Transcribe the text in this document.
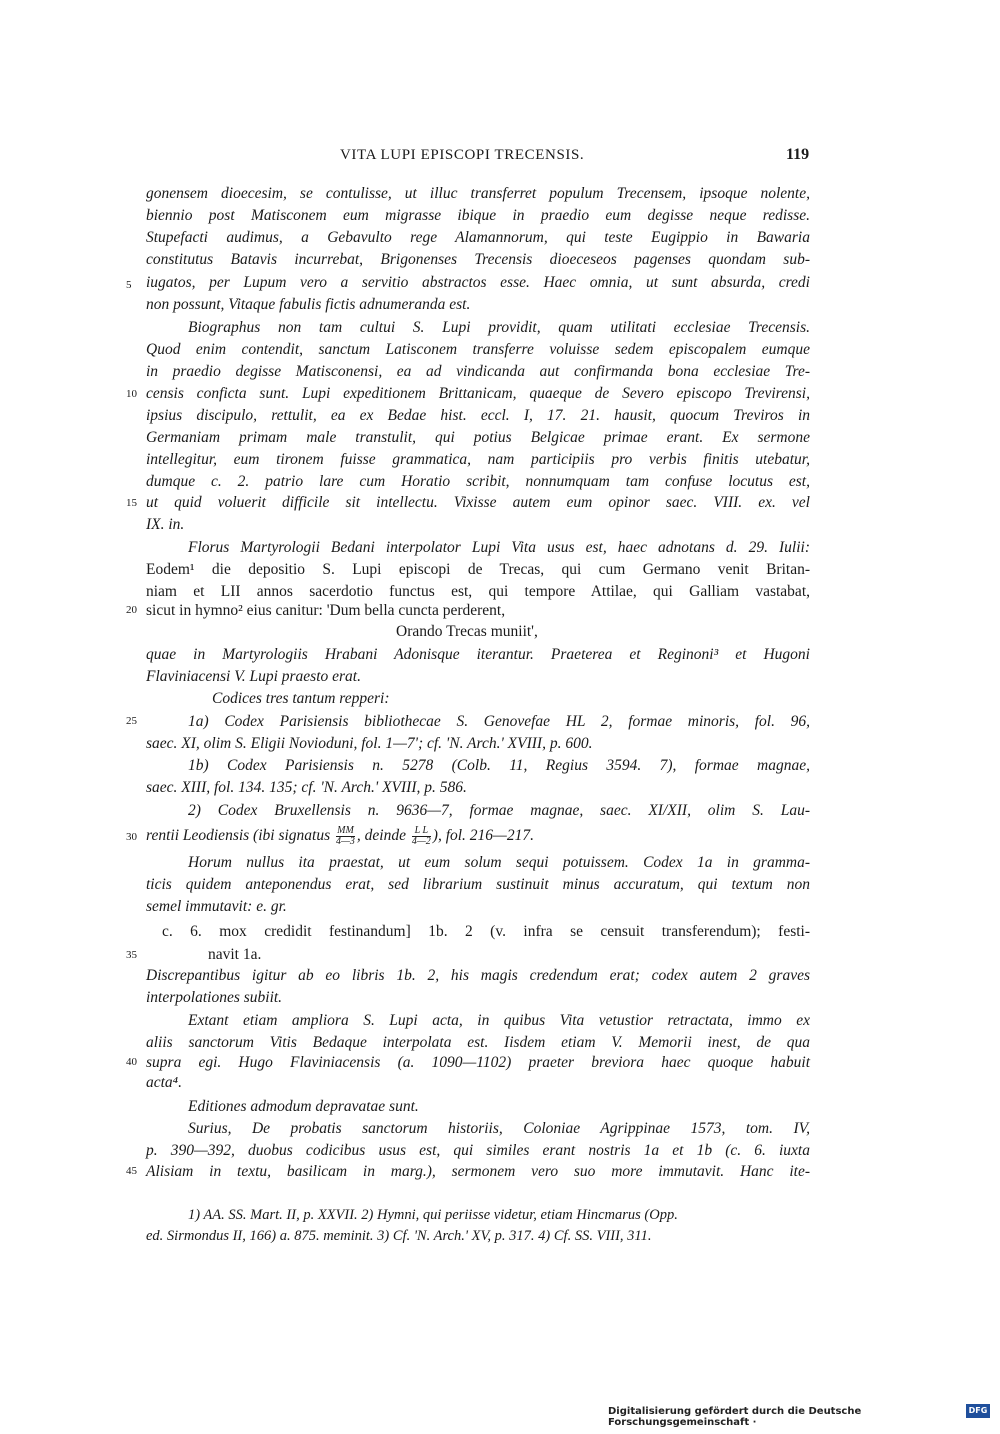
VITA LUPI EPISCOPI TRECENSIS.	119
5
10
15
20
25
30
35
40
45
gonensem dioecesim, se contulisse, ut illuc transferret populum Trecensem, ipsoque nolente,
biennio post Matisconem eum migrasse ibique in praedio eum degisse neque redisse.
Stupefacti audimus, a Gebavulto rege Alamannorum, qui teste Eugippio in Bawaria
constitutus Batavis incurrebat, Brigonenses Trecensis dioeceseos pagenses quondam sub-
iugatos, per Lupum vero a servitio abstractos esse. Haec omnia, ut sunt absurda, credi
non possunt, Vitaque fabulis fictis adnumeranda est.
Biographus non tam cultui S. Lupi providit, quam utilitati ecclesiae Trecensis.
Quod enim contendit, sanctum Latisconem transferre voluisse sedem episcopalem eumque
in praedio degisse Matisconensi, ea ad vindicanda aut confirmanda bona ecclesiae Tre-
censis conficta sunt. Lupi expeditionem Brittanicam, quaeque de Severo episcopo Trevirensi,
ipsius discipulo, rettulit, ea ex Bedae hist. eccl. I, 17. 21. hausit, quocum Treviros in
Germaniam primam male transtulit, qui potius Belgicae primae erant. Ex sermone
intellegitur, eum tironem fuisse grammatica, nam participiis pro verbis finitis utebatur,
dumque c. 2. patrio lare cum Horatio scribit, nonnumquam tam confuse locutus est,
ut quid voluerit difficile sit intellectu. Vixisse autem eum opinor saec. VIII. ex. vel
IX. in.
Florus Martyrologii Bedani interpolator Lupi Vita usus est, haec adnotans d. 29. Iulii:
Eodem¹ die depositio S. Lupi episcopi de Trecas, qui cum Germano venit Britan-
niam et LII annos sacerdotio functus est, qui tempore Attilae, qui Galliam vastabat,
sicut in hymno² eius canitur: 'Dum bella cuncta perderent,
Orando Trecas muniit',
quae in Martyrologiis Hrabani Adonisque iterantur. Praeterea et Reginoni³ et Hugoni
Flaviniacensi V. Lupi praesto erat.
Codices tres tantum repperi:
1a) Codex Parisiensis bibliothecae S. Genovefae HL 2, formae minoris, fol. 96,
saec. XI, olim S. Eligii Novioduni, fol. 1—7'; cf. 'N. Arch.' XVIII, p. 600.
1b) Codex Parisiensis n. 5278 (Colb. 11, Regius 3594. 7), formae magnae,
saec. XIII, fol. 134. 135; cf. 'N. Arch.' XVIII, p. 586.
2) Codex Bruxellensis n. 9636—7, formae magnae, saec. XI/XII, olim S. Lau-
rentii Leodiensis (ibi signatus $\frac{MM}{4—3}$ , deinde $\frac{\text{L L}}{4—2}$ ), fol. 216—217.
Horum nullus ita praestat, ut eum solum sequi potuissem. Codex 1a in gramma-
ticis quidem anteponendus erat, sed librarium sustinuit minus accuratum, qui textum non
semel immutavit: e. gr.
c. 6. mox credidit festinandum] 1b. 2 (v. infra se censuit transferendum); festi-
navit 1a.
Discrepantibus igitur ab eo libris 1b. 2, his magis credendum erat; codex autem 2 graves
interpolationes subiit.
Extant etiam ampliora S. Lupi acta, in quibus Vita vetustior retractata, immo ex
aliis sanctorum Vitis Bedaque interpolata est. Iisdem etiam V. Memorii inest, de qua
supra egi. Hugo Flaviniacensis (a. 1090—1102) praeter breviora haec quoque habuit
acta⁴.
Editiones admodum depravatae sunt.
Surius, De probatis sanctorum historiis, Coloniae Agrippinae 1573, tom. IV,
p. 390—392, duobus codicibus usus est, qui similes erant nostris 1a et 1b (c. 6. iuxta
Alisiam in textu, basilicam in marg.), sermonem vero suo more immutavit. Hanc ite-
1) AA. SS. Mart. II, p. XXVII. 2) Hymni, qui periisse videtur, etiam Hincmarus (Opp.
ed. Sirmondus II, 166) a. 875. meminit. 3) Cf. 'N. Arch.' XV, p. 317. 4) Cf. SS. VIII, 311.
Digitalisierung gefördert durch die Deutsche Forschungsgemeinschaft ·
DFG
